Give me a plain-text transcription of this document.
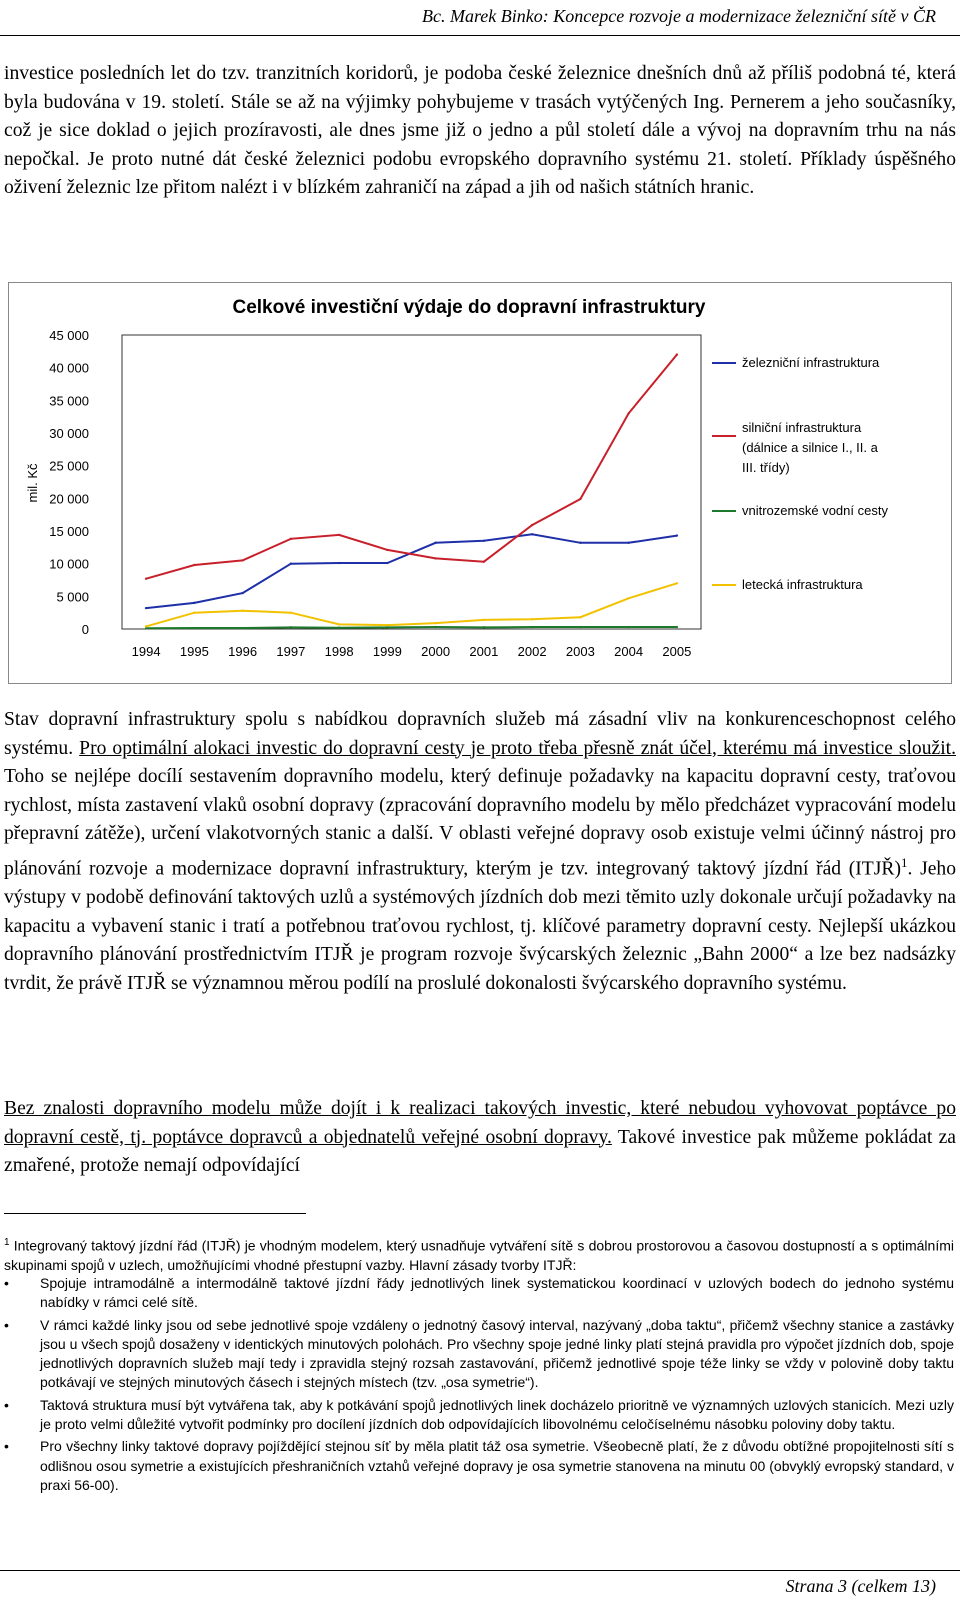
Bc. Marek Binko: Koncepce rozvoje a modernizace železniční sítě v ČR

investice posledních let do tzv. tranzitních koridorů, je podoba české železnice dnešních dnů až příliš podobná té, která byla budována v 19. století. Stále se až na výjimky pohybujeme v trasách vytýčených Ing. Pernerem a jeho současníky, což je sice doklad o jejich prozíravosti, ale dnes jsme již o jedno a půl století dále a vývoj na dopravním trhu na nás nepočkal. Je proto nutné dát české železnici podobu evropského dopravního systému 21. století. Příklady úspěšného oživení železnic lze přitom nalézt i v blízkém zahraničí na západ a jih od našich státních hranic.

Celkové investiční výdaje do dopravní infrastruktury
mil. Kč
0
5 000
10 000
15 000
20 000
25 000
30 000
35 000
40 000
45 000
1994 1995 1996 1997 1998 1999 2000 2001 2002 2003 2004 2005
železniční infrastruktura
silniční infrastruktura (dálnice a silnice I., II. a III. třídy)
vnitrozemské vodní cesty
letecká infrastruktura

Stav dopravní infrastruktury spolu s nabídkou dopravních služeb má zásadní vliv na konkurenceschopnost celého systému. Pro optimální alokaci investic do dopravní cesty je proto třeba přesně znát účel, kterému má investice sloužit. Toho se nejlépe docílí sestavením dopravního modelu, který definuje požadavky na kapacitu dopravní cesty, traťovou rychlost, místa zastavení vlaků osobní dopravy (zpracování dopravního modelu by mělo předcházet vypracování modelu přepravní zátěže), určení vlakotvorných stanic a další. V oblasti veřejné dopravy osob existuje velmi účinný nástroj pro plánování rozvoje a modernizace dopravní infrastruktury, kterým je tzv. integrovaný taktový jízdní řád (ITJŘ)$^1$. Jeho výstupy v podobě definování taktových uzlů a systémových jízdních dob mezi těmito uzly dokonale určují požadavky na kapacitu a vybavení stanic i tratí a potřebnou traťovou rychlost, tj. klíčové parametry dopravní cesty. Nejlepší ukázkou dopravního plánování prostřednictvím ITJŘ je program rozvoje švýcarských železnic „Bahn 2000“ a lze bez nadsázky tvrdit, že právě ITJŘ se významnou měrou podílí na proslulé dokonalosti švýcarského dopravního systému.

Bez znalosti dopravního modelu může dojít i k realizaci takových investic, které nebudou vyhovovat poptávce po dopravní cestě, tj. poptávce dopravců a objednatelů veřejné osobní dopravy. Takové investice pak můžeme pokládat za zmařené, protože nemají odpovídající

$^1$ Integrovaný taktový jízdní řád (ITJŘ) je vhodným modelem, který usnadňuje vytváření sítě s dobrou prostorovou a časovou dostupností a s optimálními skupinami spojů v uzlech, umožňujícími vhodné přestupní vazby. Hlavní zásady tvorby ITJŘ:

• Spojuje intramodálně a intermodálně taktové jízdní řády jednotlivých linek systematickou koordinací v uzlových bodech do jednoho systému nabídky v rámci celé sítě.
• V rámci každé linky jsou od sebe jednotlivé spoje vzdáleny o jednotný časový interval, nazývaný „doba taktu“, přičemž všechny stanice a zastávky jsou u všech spojů dosaženy v identických minutových polohách. Pro všechny spoje jedné linky platí stejná pravidla pro výpočet jízdních dob, spoje jednotlivých dopravních služeb mají tedy i zpravidla stejný rozsah zastavování, přičemž jednotlivé spoje téže linky se vždy v polovině doby taktu potkávají ve stejných minutových čásech i stejných místech (tzv. „osa symetrie“).
• Taktová struktura musí být vytvářena tak, aby k potkávání spojů jednotlivých linek docházelo prioritně ve významných uzlových stanicích. Mezi uzly je proto velmi důležité vytvořit podmínky pro docílení jízdních dob odpovídajících libovolnému celočíselnému násobku poloviny doby taktu.
• Pro všechny linky taktové dopravy pojíždějící stejnou síť by měla platit táž osa symetrie. Všeobecně platí, že z důvodu obtížné propojitelnosti sítí s odlišnou osou symetrie a existujících přeshraničních vztahů veřejné dopravy je osa symetrie stanovena na minutu 00 (obvyklý evropský standard, v praxi 56-00).
Strana 3 (celkem 13)
